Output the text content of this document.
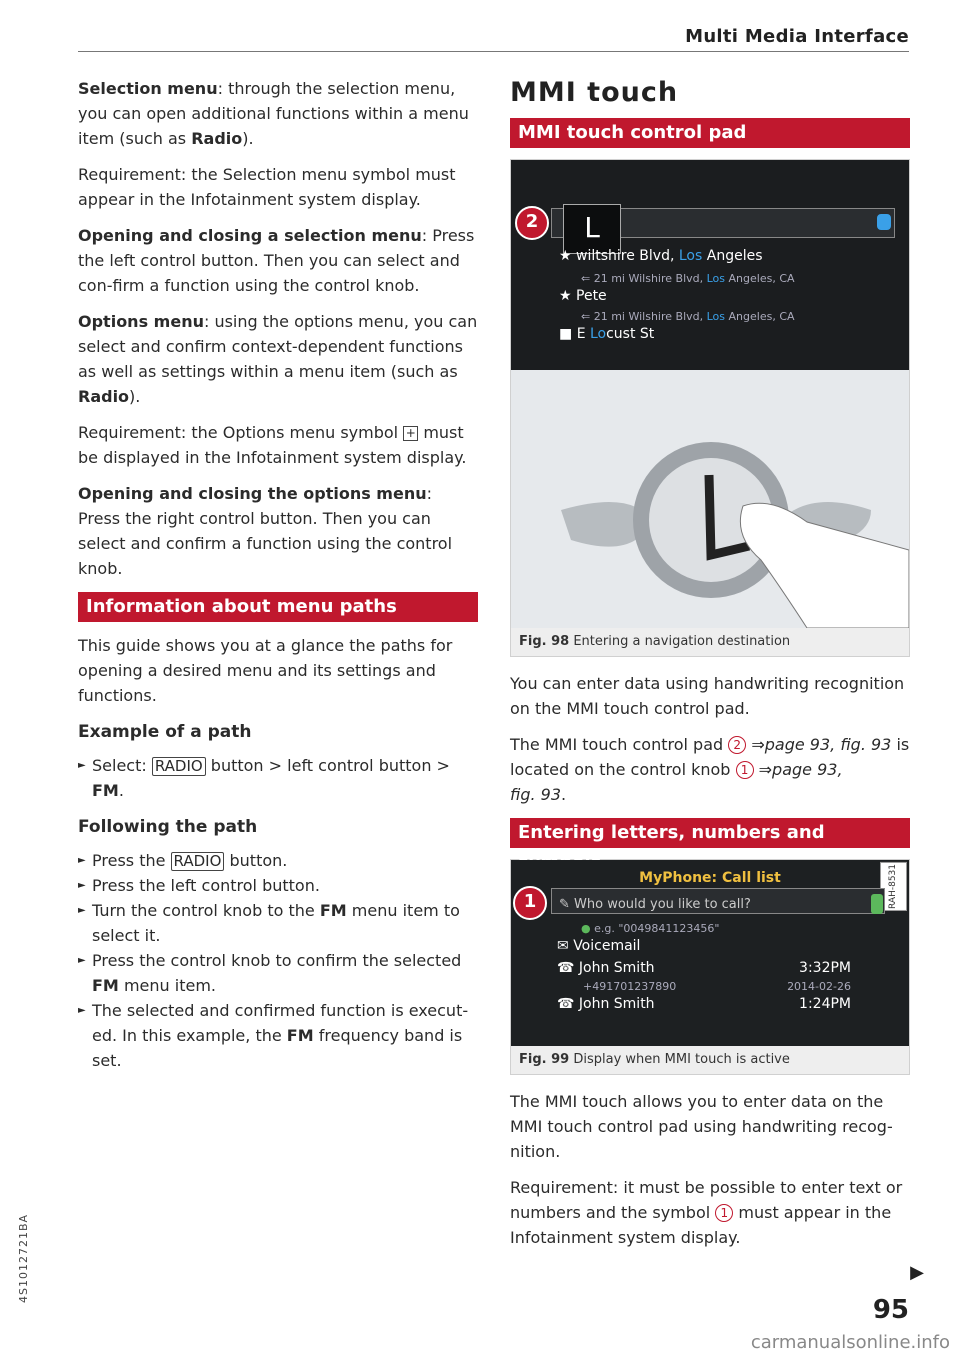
Multi Media Interface

Selection menu: through the selection menu, you can open additional functions within a menu item (such as Radio).

Requirement: the Selection menu symbol must appear in the Infotainment system display.

Opening and closing a selection menu: Press the left control button. Then you can select and con-firm a function using the control knob.

Options menu: using the options menu, you can select and confirm context-dependent functions as well as settings within a menu item (such as Radio).

Requirement: the Options menu symbol + must be displayed in the Infotainment system display.

Opening and closing the options menu: Press the right control button. Then you can select and confirm a function using the control knob.

Information about menu paths

This guide shows you at a glance the paths for opening a desired menu and its settings and functions.

Example of a path

► Select: RADIO button > left control button >
FM.

Following the path

► Press the RADIO button.

► Press the left control button.

► Turn the control knob to the FM menu item to select it.

► Press the control knob to confirm the selected FM menu item.

► The selected and confirmed function is execut-ed. In this example, the FM frequency band is set.

MMI touch
MMI touch control pad
L
★ wiltshire Blvd, Los Angeles
⇐ 21 mi Wilshire Blvd, Los Angeles, CA
★ Pete
⇐ 21 mi Wilshire Blvd, Los Angeles, CA
■ E Locust St
2
Fig. 98 Entering a navigation destination

You can enter data using handwriting recognition on the MMI touch control pad.

The MMI touch control pad 2 ⇒page 93, fig. 93 is located on the control knob 1 ⇒page 93,
fig. 93.

Entering letters, numbers and
RAH-8531
MyPhone: Call list
✎ Who would you like to call?
● e.g. "0049841123456"
✉ Voicemail
☎ John Smith	3:32PM
+491701237890	2014-02-26
☎ John Smith	1:24PM
1
Fig. 99 Display when MMI touch is active

The MMI touch allows you to enter data on the MMI touch control pad using handwriting recog-nition.

Requirement: it must be possible to enter text or numbers and the symbol 1 must appear in the Infotainment system display.

▶
95
4S1012721BA
carmanualsonline.info
